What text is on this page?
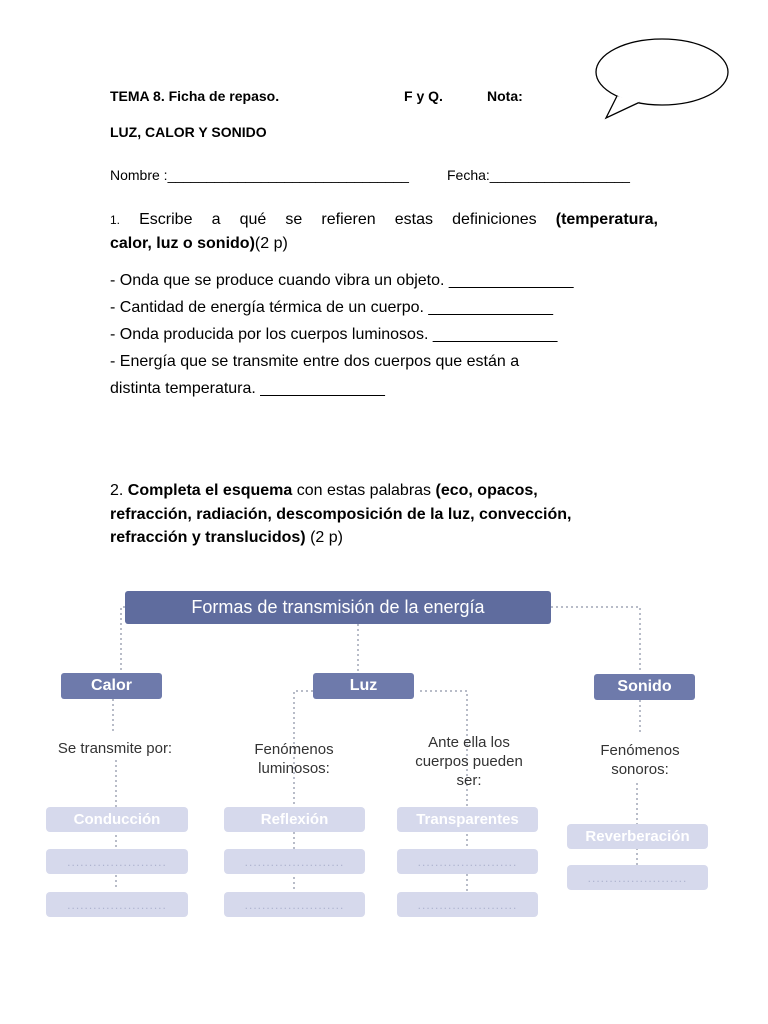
TEMA 8. Ficha de repaso.	F y Q.	Nota:
LUZ, CALOR Y SONIDO
Nombre :_______________________________	Fecha:__________________
1. Escribe a qué se refieren estas definiciones (temperatura,
calor, luz o sonido)(2 p)
- Onda que se produce cuando vibra un objeto. ______________
- Cantidad de energía térmica de un cuerpo. ______________
- Onda producida por los cuerpos luminosos. ______________
- Energía que se transmite entre dos cuerpos que están a
distinta temperatura. ______________
2. Completa el esquema con estas palabras (eco, opacos,
refracción, radiación, descomposición de la luz, convección,
refracción y translucidos) (2 p)
Formas de transmisión de la energía
Calor	Luz	Sonido
Se transmite por:	Fenómenos
luminosos:
Ante ella los
cuerpos pueden
ser:
Fenómenos
sonoros:
Conducción
.......................
.......................
Reflexión
.......................
.......................
Transparentes
.......................
.......................
Reverberación
.......................
